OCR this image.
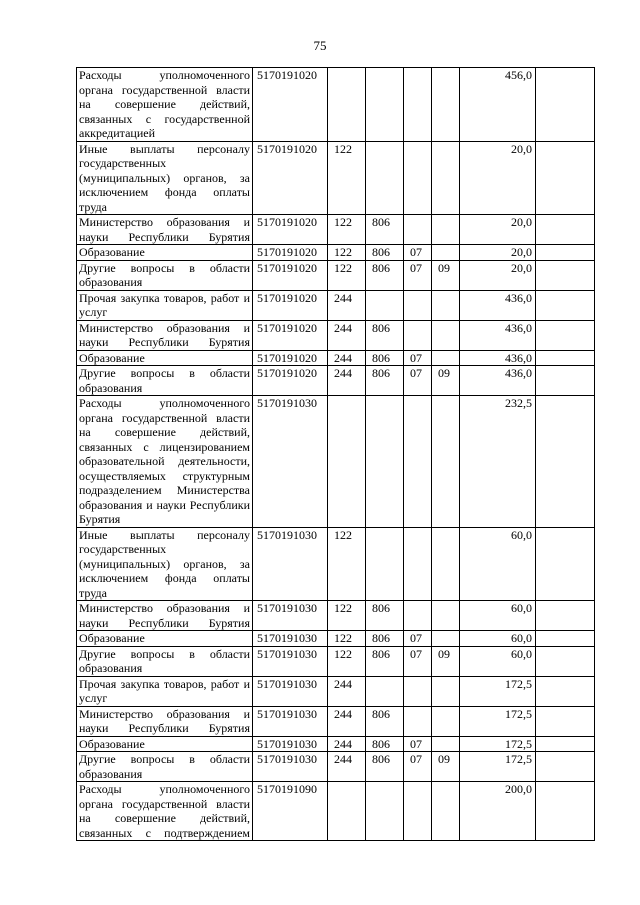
75
Расходы уполномоченного органа государственной власти на совершение действий, связанных с государственной аккредитацией	5170191020					456,0	
Иные выплаты персоналу государственных (муниципальных) органов, за исключением фонда оплаты труда	5170191020	122				20,0	
Министерство образования и науки Республики Бурятия	5170191020	122	806			20,0	
Образование	5170191020	122	806	07		20,0	
Другие вопросы в области образования	5170191020	122	806	07	09	20,0	
Прочая закупка товаров, работ и услуг	5170191020	244				436,0	
Министерство образования и науки Республики Бурятия	5170191020	244	806			436,0	
Образование	5170191020	244	806	07		436,0	
Другие вопросы в области образования	5170191020	244	806	07	09	436,0	
Расходы уполномоченного органа государственной власти на совершение действий, связанных с лицензированием образовательной деятельности, осуществляемых структурным подразделением Министерства образования и науки Республики Бурятия	5170191030					232,5	
Иные выплаты персоналу государственных (муниципальных) органов, за исключением фонда оплаты труда	5170191030	122				60,0	
Министерство образования и науки Республики Бурятия	5170191030	122	806			60,0	
Образование	5170191030	122	806	07		60,0	
Другие вопросы в области образования	5170191030	122	806	07	09	60,0	
Прочая закупка товаров, работ и услуг	5170191030	244				172,5	
Министерство образования и науки Республики Бурятия	5170191030	244	806			172,5	
Образование	5170191030	244	806	07		172,5	
Другие вопросы в области образования	5170191030	244	806	07	09	172,5	
Расходы уполномоченного органа государственной власти на совершение действий, связанных с подтверждением	5170191090					200,0	
